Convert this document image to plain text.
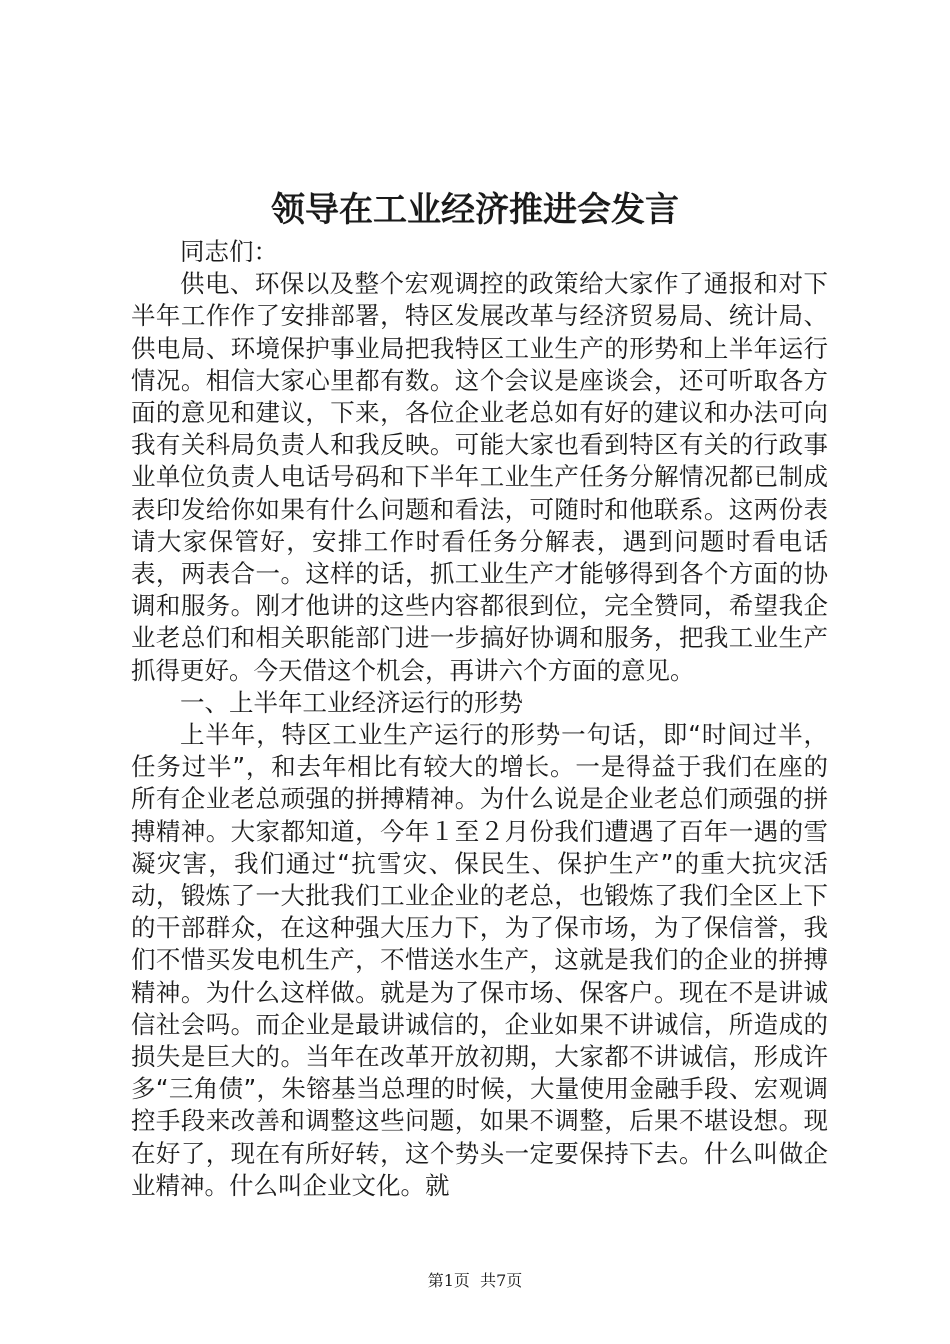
领导在工业经济推进会发言

同志们：

供电、环保以及整个宏观调控的政策给大家作了通报和对下半年工作作了安排部署，特区发展改革与经济贸易局、统计局、供电局、环境保护事业局把我特区工业生产的形势和上半年运行情况。相信大家心里都有数。这个会议是座谈会，还可听取各方面的意见和建议，下来，各位企业老总如有好的建议和办法可向我有关科局负责人和我反映。可能大家也看到特区有关的行政事业单位负责人电话号码和下半年工业生产任务分解情况都已制成表印发给你如果有什么问题和看法，可随时和他联系。这两份表请大家保管好，安排工作时看任务分解表，遇到问题时看电话表，两表合一。这样的话，抓工业生产才能够得到各个方面的协调和服务。刚才他讲的这些内容都很到位，完全赞同，希望我企业老总们和相关职能部门进一步搞好协调和服务，把我工业生产抓得更好。今天借这个机会，再讲六个方面的意见。

一、上半年工业经济运行的形势

上半年，特区工业生产运行的形势一句话，即“时间过半，任务过半”，和去年相比有较大的增长。一是得益于我们在座的所有企业老总顽强的拼搏精神。为什么说是企业老总们顽强的拼搏精神。大家都知道，今年１至２月份我们遭遇了百年一遇的雪凝灾害，我们通过“抗雪灾、保民生、保护生产”的重大抗灾活动，锻炼了一大批我们工业企业的老总，也锻炼了我们全区上下的干部群众，在这种强大压力下，为了保市场，为了保信誉，我们不惜买发电机生产，不惜送水生产，这就是我们的企业的拼搏精神。为什么这样做。就是为了保市场、保客户。现在不是讲诚信社会吗。而企业是最讲诚信的，企业如果不讲诚信，所造成的损失是巨大的。当年在改革开放初期，大家都不讲诚信，形成许多“三角债”，朱镕基当总理的时候，大量使用金融手段、宏观调控手段来改善和调整这些问题，如果不调整，后果不堪设想。现在好了，现在有所好转，这个势头一定要保持下去。什么叫做企业精神。什么叫企业文化。就

第1页 共7页
